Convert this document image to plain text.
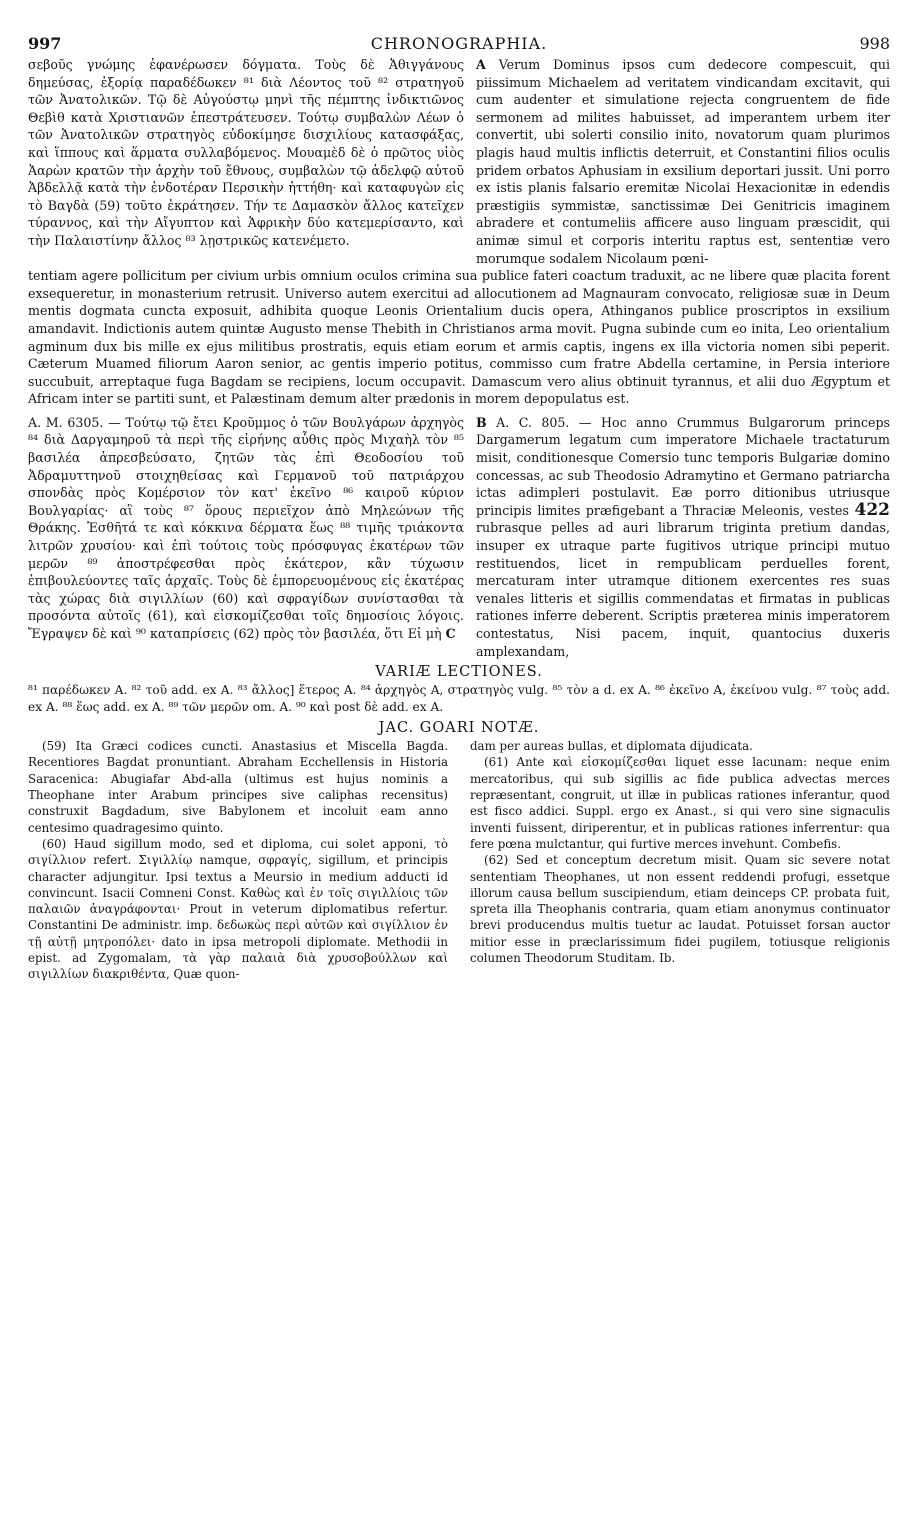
997	CHRONOGRAPHIA.	998

σεβοῦς γνώμης ἐφανέρωσεν δόγματα. Τοὺς δὲ Ἀθιγγάνους δημεύσας, ἐξορίᾳ παραδέδωκεν ⁸¹ διὰ Λέοντος τοῦ ⁸² στρατηγοῦ τῶν Ἀνατολικῶν. Τῷ δὲ Αὐγούστῳ μηνὶ τῆς πέμπτης ἰνδικτιῶνος Θεβὶθ κατὰ Χριστιανῶν ἐπεστράτευσεν. Τούτῳ συμβαλὼν Λέων ὁ τῶν Ἀνατολικῶν στρατηγὸς εὐδοκίμησε δισχιλίους κατασφάξας, καὶ ἵππους καὶ ἅρματα συλλαβόμενος. Μουαμὲδ δὲ ὁ πρῶτος υἱὸς Ἀαρὼν κρατῶν τὴν ἀρχὴν τοῦ ἔθνους, συμβαλὼν τῷ ἀδελφῷ αὐτοῦ Ἀβδελλᾷ κατὰ τὴν ἐνδοτέραν Περσικὴν ἡττήθη· καὶ καταφυγὼν εἰς τὸ Βαγδὰ (59) τοῦτο ἐκράτησεν. Τήν τε Δαμασκὸν ἄλλος κατεῖχεν τύραννος, καὶ τὴν Αἴγυπτον καὶ Ἀφρικὴν δύο κατεμερίσαντο, καὶ τὴν Παλαιστίνην ἄλλος ⁸³ λῃστρικῶς κατενέμετο.

A Verum Dominus ipsos cum dedecore compescuit, qui piissimum Michaelem ad veritatem vindicandam excitavit, qui cum audenter et simulatione rejecta congruentem de fide sermonem ad milites habuisset, ad imperantem urbem iter convertit, ubi solerti consilio inito, novatorum quam plurimos plagis haud multis inflictis deterruit, et Constantini filios oculis pridem orbatos Aphusiam in exsilium deportari jussit. Uni porro ex istis planis falsario eremitæ Nicolai Hexacionitæ in edendis præstigiis symmistæ, sanctissimæ Dei Genitricis imaginem abradere et contumeliis afficere auso linguam præscidit, qui animæ simul et corporis interitu raptus est, sententiæ vero morumque sodalem Nicolaum pœni-

tentiam agere pollicitum per civium urbis omnium oculos crimina sua publice fateri coactum traduxit, ac ne libere quæ placita forent exsequeretur, in monasterium retrusit. Universo autem exercitui ad allocutionem ad Magnauram convocato, religiosæ suæ in Deum mentis dogmata cuncta exposuit, adhibita quoque Leonis Orientalium ducis opera, Athinganos publice proscriptos in exsilium amandavit. Indictionis autem quintæ Augusto mense Thebith in Christianos arma movit. Pugna subinde cum eo inita, Leo orientalium agminum dux bis mille ex ejus militibus prostratis, equis etiam eorum et armis captis, ingens ex illa victoria nomen sibi peperit. Cæterum Muamed filiorum Aaron senior, ac gentis imperio potitus, commisso cum fratre Abdella certamine, in Persia interiore succubuit, arreptaque fuga Bagdam se recipiens, locum occupavit. Damascum vero alius obtinuit tyrannus, et alii duo Ægyptum et Africam inter se partiti sunt, et Palæstinam demum alter prædonis in morem depopulatus est.

A. M. 6305. — Τούτῳ τῷ ἔτει Κροῦμμος ὁ τῶν Βουλγάρων ἀρχηγὸς ⁸⁴ διὰ Δαργαμηροῦ τὰ περὶ τῆς εἰρήνης αὖθις πρὸς Μιχαὴλ τὸν ⁸⁵ βασιλέα ἀπρεσβεύσατο, ζητῶν τὰς ἐπὶ Θεοδοσίου τοῦ Ἀδραμυττηνοῦ στοιχηθείσας καὶ Γερμανοῦ τοῦ πατριάρχου σπονδὰς πρὸς Κομέρσιον τὸν κατ' ἐκεῖνο ⁸⁶ καιροῦ κύριον Βουλγαρίας· αἳ τοὺς ⁸⁷ ὅρους περιεῖχον ἀπὸ Μηλεώνων τῆς Θράκης. Ἐσθῆτά τε καὶ κόκκινα δέρματα ἕως ⁸⁸ τιμῆς τριάκοντα λιτρῶν χρυσίου· καὶ ἐπὶ τούτοις τοὺς πρόσφυγας ἑκατέρων τῶν μερῶν ⁸⁹ ἀποστρέφεσθαι πρὸς ἑκάτερον, κἂν τύχωσιν ἐπιβουλεύοντες ταῖς ἀρχαῖς. Τοὺς δὲ ἐμπορευομένους εἰς ἑκατέρας τὰς χώρας διὰ σιγιλλίων (60) καὶ σφραγίδων συνίστασθαι τὰ προσόντα αὐτοῖς (61), καὶ εἰσκομίζεσθαι τοῖς δημοσίοις λόγοις. Ἔγραψεν δὲ καὶ ⁹⁰ καταπρίσεις (62) πρὸς τὸν βασιλέα, ὅτι Εἰ μὴ C

B A. C. 805. — Hoc anno Crummus Bulgarorum princeps Dargamerum legatum cum imperatore Michaele tractaturum misit, conditionesque Comersio tunc temporis Bulgariæ domino concessas, ac sub Theodosio Adramytino et Germano patriarcha ictas adimpleri postulavit. Eæ porro ditionibus utriusque principis limites præfigebant a Thraciæ Meleonis, vestes 422 rubrasque pelles ad auri librarum triginta pretium dandas, insuper ex utraque parte fugitivos utrique principi mutuo restituendos, licet in rempublicam perduelles forent, mercaturam inter utramque ditionem exercentes res suas venales litteris et sigillis commendatas et firmatas in publicas rationes inferre deberent. Scriptis præterea minis imperatorem contestatus, Nisi pacem, inquit, quantocius duxeris amplexandam,

VARIÆ LECTIONES.
⁸¹ παρέδωκεν A. ⁸² τοῦ add. ex A. ⁸³ ἄλλος] ἕτερος A. ⁸⁴ ἀρχηγὸς A, στρατηγὸς vulg. ⁸⁵ τὸν a d. ex A. ⁸⁶ ἐκεῖνο A, ἐκείνου vulg. ⁸⁷ τοὺς add. ex A. ⁸⁸ ἕως add. ex A. ⁸⁹ τῶν μερῶν om. A. ⁹⁰ καὶ post δὲ add. ex A.
JAC. GOARI NOTÆ.

(59) Ita Græci codices cuncti. Anastasius et Miscella Bagda. Recentiores Bagdat pronuntiant. Abraham Ecchellensis in Historia Saracenica: Abugiafar Abd-alla (ultimus est hujus nominis a Theophane inter Arabum principes sive caliphas recensitus) construxit Bagdadum, sive Babylonem et incoluit eam anno centesimo quadragesimo quinto.

(60) Haud sigillum modo, sed et diploma, cui solet apponi, τὸ σιγίλλιον refert. Σιγιλλίῳ namque, σφραγίς, sigillum, et principis character adjungitur. Ipsi textus a Meursio in medium adducti id convincunt. Isacii Comneni Const. Καθὼς καὶ ἐν τοῖς σιγιλλίοις τῶν παλαιῶν ἀναγράφονται· Prout in veterum diplomatibus refertur. Constantini De administr. imp. δεδωκὼς περὶ αὐτῶν καὶ σιγίλλιον ἐν τῇ αὐτῇ μητροπόλει· dato in ipsa metropoli diplomate. Methodii in epist. ad Zygomalam, τὰ γὰρ παλαιὰ διὰ χρυσοβούλλων καὶ σιγιλλίων διακριθέντα, Quæ quon-

dam per aureas bullas, et diplomata dijudicata.

(61) Ante καὶ εἰσκομίζεσθαι liquet esse lacunam: neque enim mercatoribus, qui sub sigillis ac fide publica advectas merces repræsentant, congruit, ut illæ in publicas rationes inferantur, quod est fisco addici. Suppl. ergo ex Anast., si qui vero sine signaculis inventi fuissent, diriperentur, et in publicas rationes inferrentur: qua fere pœna mulctantur, qui furtive merces invehunt. Combefis.

(62) Sed et conceptum decretum misit. Quam sic severe notat sententiam Theophanes, ut non essent reddendi profugi, essetque illorum causa bellum suscipiendum, etiam deinceps CP. probata fuit, spreta illa Theophanis contraria, quam etiam anonymus continuator brevi producendus multis tuetur ac laudat. Potuisset forsan auctor mitior esse in præclarissimum fidei pugilem, totiusque religionis columen Theodorum Studitam. Ib.
